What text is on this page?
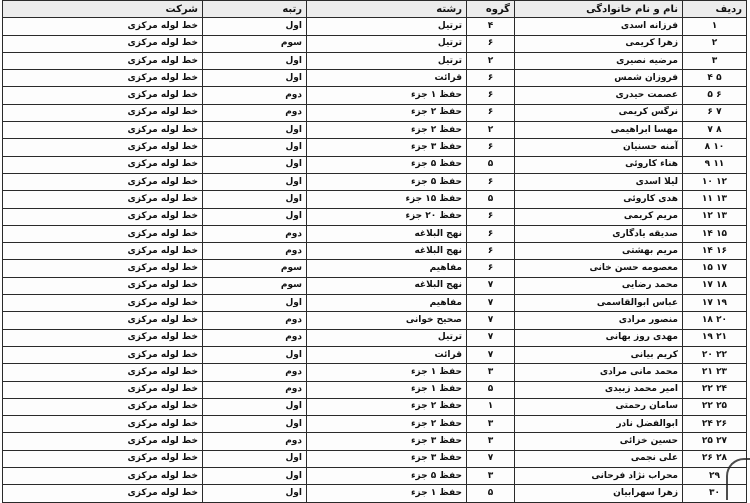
ردیف	نام و نام خانوادگی	گروه	رشته	رتبه	شرکت
۱	فرزانه اسدی	۴	ترتیل	اول	خط لوله مرکزی
۲	زهرا کریمی	۶	ترتیل	سوم	خط لوله مرکزی
۳	مرضیه نصیری	۲	ترتیل	اول	خط لوله مرکزی
۵ ۴	فروزان شمس	۶	قرائت	اول	خط لوله مرکزی
۶ ۵	عصمت حیدری	۶	حفظ ۱ جزء	دوم	خط لوله مرکزی
۷ ۶	نرگس کریمی	۶	حفظ ۲ جزء	دوم	خط لوله مرکزی
۸ ۷	مهسا ابراهیمی	۲	حفظ ۲ جزء	اول	خط لوله مرکزی
۱۰ ۸	آمنه حسنیان	۶	حفظ ۳ جزء	اول	خط لوله مرکزی
۱۱ ۹	هناء کاروئی	۵	حفظ ۵ جزء	اول	خط لوله مرکزی
۱۲ ۱۰	لیلا اسدی	۶	حفظ ۵ جزء	اول	خط لوله مرکزی
۱۳ ۱۱	هدی کاروئی	۵	حفظ ۱۵ جزء	اول	خط لوله مرکزی
۱۳ ۱۲	مریم کریمی	۶	حفظ ۲۰ جزء	اول	خط لوله مرکزی
۱۵ ۱۴	صدیقه یادگاری	۶	نهج البلاغه	دوم	خط لوله مرکزی
۱۶ ۱۴	مریم بهشتی	۶	نهج البلاغه	دوم	خط لوله مرکزی
۱۷ ۱۵	معصومه حسن خانی	۶	مفاهیم	سوم	خط لوله مرکزی
۱۸ ۱۷	محمد رضایی	۷	نهج البلاغه	سوم	خط لوله مرکزی
۱۹ ۱۷	عباس ابوالقاسمی	۷	مفاهیم	اول	خط لوله مرکزی
۲۰ ۱۸	منصور مرادی	۷	صحیح خوانی	دوم	خط لوله مرکزی
۲۱ ۱۹	مهدی روز بهانی	۷	ترتیل	دوم	خط لوله مرکزی
۲۲ ۲۰	کریم بیانی	۷	قرائت	اول	خط لوله مرکزی
۲۳ ۲۱	محمد مانی مرادی	۳	حفظ ۱ جزء	دوم	خط لوله مرکزی
۲۴ ۲۲	امیر محمد زبیدی	۵	حفظ ۱ جزء	دوم	خط لوله مرکزی
۲۵ ۲۲	سامان رحمتی	۱	حفظ ۲ جزء	اول	خط لوله مرکزی
۲۶ ۲۴	ابوالفضل نادر	۳	حفظ ۲ جزء	اول	خط لوله مرکزی
۲۷ ۲۵	حسین خزائی	۳	حفظ ۳ جزء	دوم	خط لوله مرکزی
۲۸ ۲۶	علی نجمی	۷	حفظ ۳ جزء	اول	خط لوله مرکزی
۲۹	محراب نژاد فرحانی	۳	حفظ ۵ جزء	اول	خط لوله مرکزی
۳۰	زهرا سهرابیان	۵	حفظ ۱ جزء	اول	خط لوله مرکزی
